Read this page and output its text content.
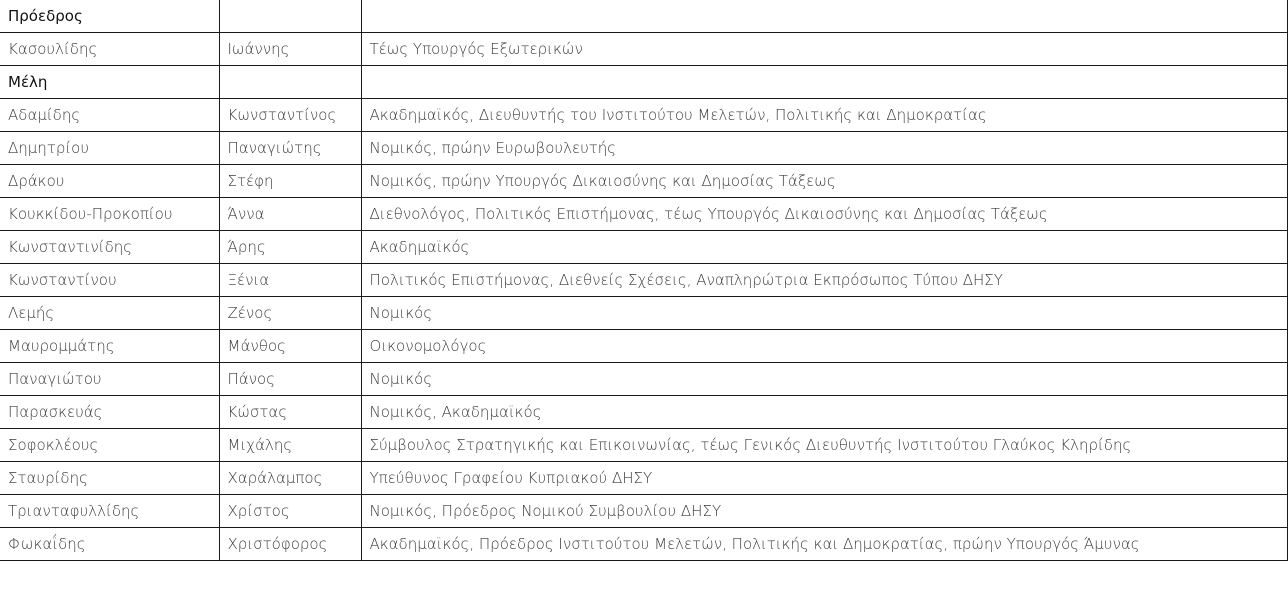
Πρόεδρος		
Κασουλίδης	Ιωάννης	Τέως Υπουργός Εξωτερικών
Μέλη		
Αδαμίδης	Κωνσταντίνος	Ακαδημαϊκός, Διευθυντής του Ινστιτούτου Μελετών, Πολιτικής και Δημοκρατίας
Δημητρίου	Παναγιώτης	Νομικός, πρώην Ευρωβουλευτής
Δράκου	Στέφη	Νομικός, πρώην Υπουργός Δικαιοσύνης και Δημοσίας Τάξεως
Κουκκίδου-Προκοπίου	Άννα	Διεθνολόγος, Πολιτικός Επιστήμονας, τέως Υπουργός Δικαιοσύνης και Δημοσίας Τάξεως
Κωνσταντινίδης	Άρης	Ακαδημαϊκός
Κωνσταντίνου	Ξένια	Πολιτικός Επιστήμονας, Διεθνείς Σχέσεις, Αναπληρώτρια Εκπρόσωπος Τύπου ΔΗΣΥ
Λεμής	Ζένος	Νομικός
Μαυρομμάτης	Μάνθος	Οικονομολόγος
Παναγιώτου	Πάνος	Νομικός
Παρασκευάς	Κώστας	Νομικός, Ακαδημαϊκός
Σοφοκλέους	Μιχάλης	Σύμβουλος Στρατηγικής και Επικοινωνίας, τέως Γενικός Διευθυντής Ινστιτούτου Γλαύκος Κληρίδης
Σταυρίδης	Χαράλαμπος	Υπεύθυνος Γραφείου Κυπριακού ΔΗΣΥ
Τριανταφυλλίδης	Χρίστος	Νομικός, Πρόεδρος Νομικού Συμβουλίου ΔΗΣΥ
Φωκαΐδης	Χριστόφορος	Ακαδημαϊκός, Πρόεδρος Ινστιτούτου Μελετών, Πολιτικής και Δημοκρατίας, πρώην Υπουργός Άμυνας
